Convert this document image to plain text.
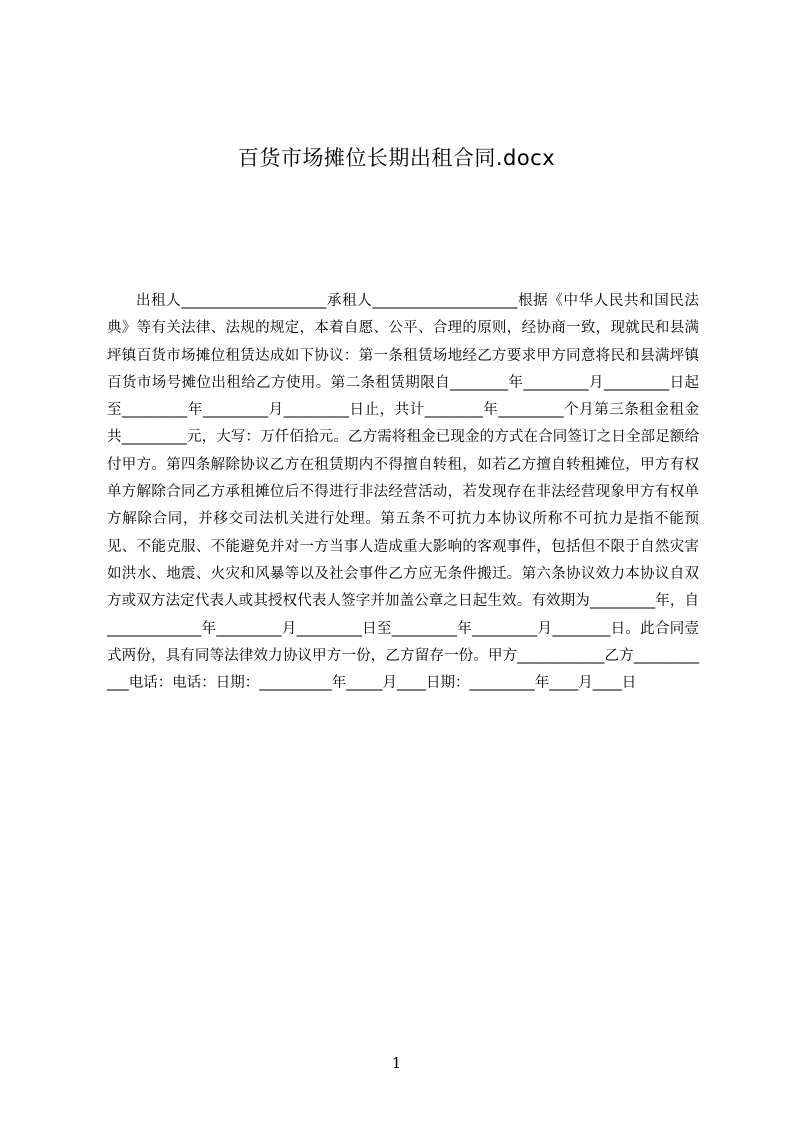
百货市场摊位长期出租合同.docx

出租人____________________承租人____________________根据《中华人民共和国民法典》等有关法律、法规的规定，本着自愿、公平、合理的原则，经协商一致，现就民和县满坪镇百货市场摊位租赁达成如下协议：第一条租赁场地经乙方要求甲方同意将民和县满坪镇百货市场号摊位出租给乙方使用。第二条租赁期限自________年_________月_________日起至_________年_________月_________日止，共计________年_________个月第三条租金租金共_________元，大写：万仟佰拾元。乙方需将租金已现金的方式在合同签订之日全部足额给付甲方。第四条解除协议乙方在租赁期内不得擅自转租，如若乙方擅自转租摊位，甲方有权单方解除合同乙方承租摊位后不得进行非法经营活动，若发现存在非法经营现象甲方有权单方解除合同，并移交司法机关进行处理。第五条不可抗力本协议所称不可抗力是指不能预见、不能克服、不能避免并对一方当事人造成重大影响的客观事件，包括但不限于自然灾害如洪水、地震、火灾和风暴等以及社会事件乙方应无条件搬迁。第六条协议效力本协议自双方或双方法定代表人或其授权代表人签字并加盖公章之日起生效。有效期为_________年，自_____________年_________月_________日至_________年_________月________日。此合同壹式两份，具有同等法律效力协议甲方一份，乙方留存一份。甲方____________乙方____________电话：电话：日期：__________年_____月____日期：_________年____月____日

1
